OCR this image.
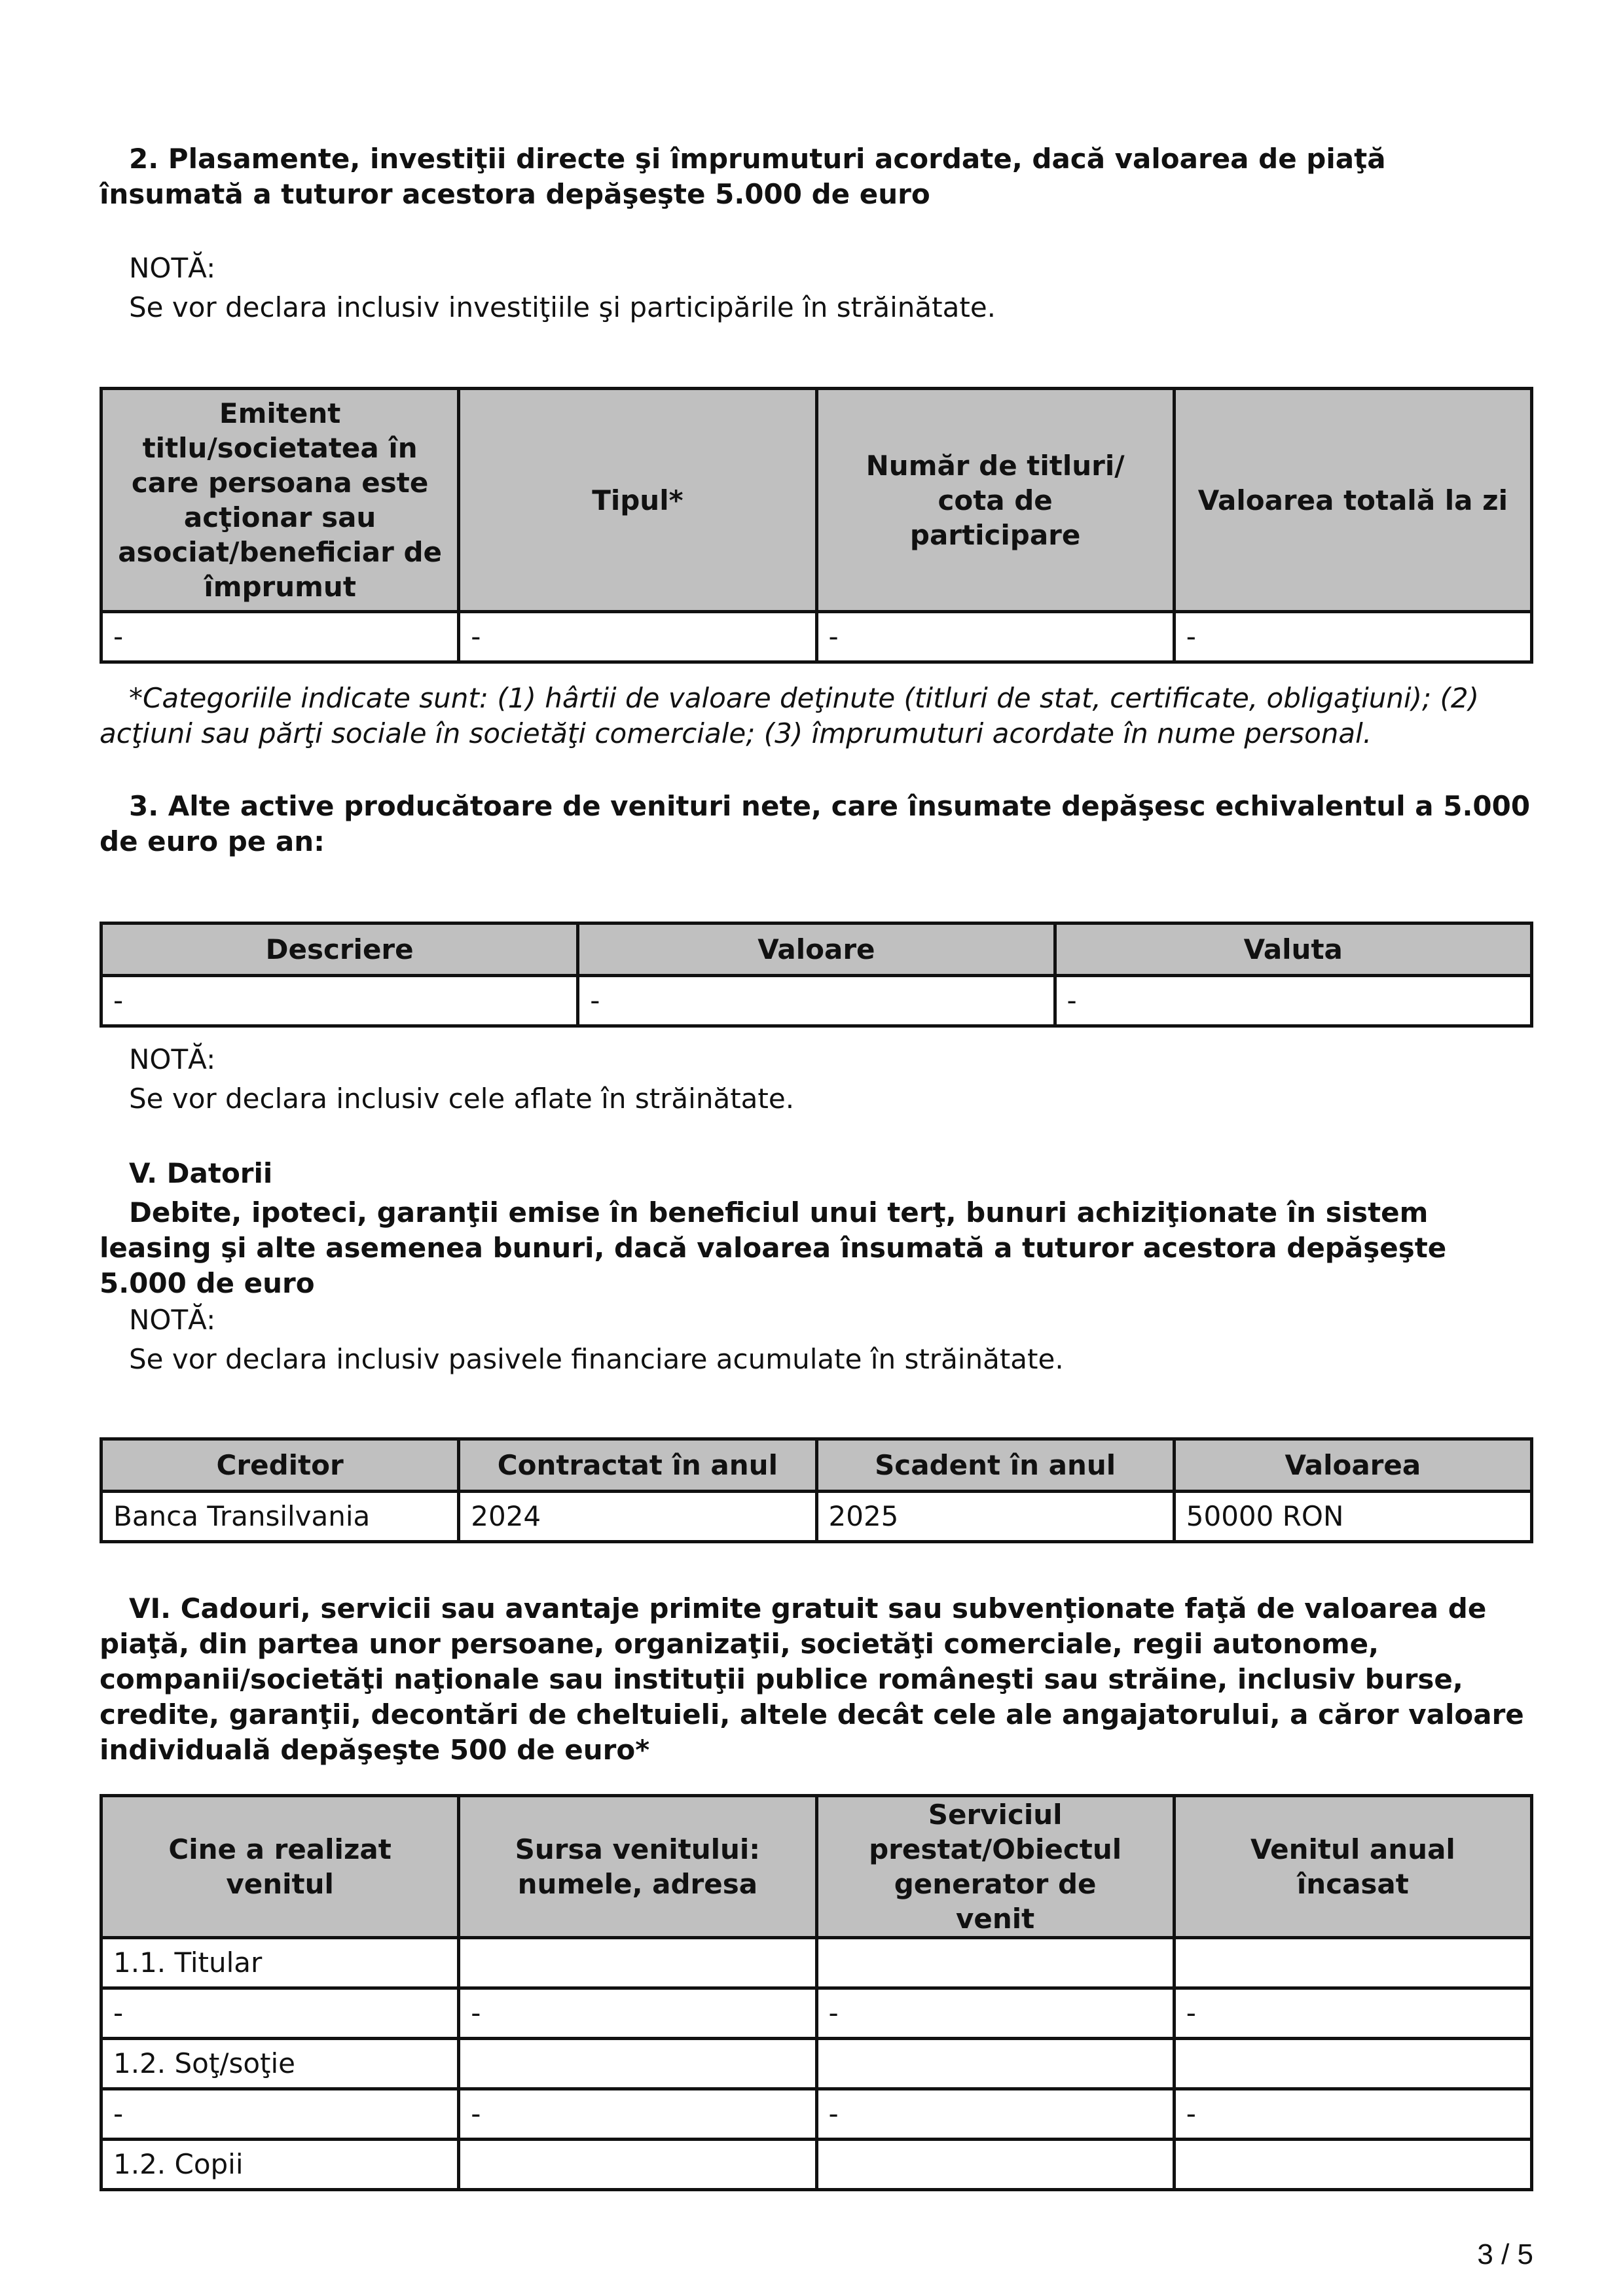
2. Plasamente, investiţii directe şi împrumuturi acordate, dacă valoarea de piaţă însumată a tuturor acestora depăşeşte 5.000 de euro

NOTĂ:

Se vor declara inclusiv investiţiile şi participările în străinătate.

Emitent titlu/societatea în care persoana este acţionar sau asociat/beneficiar de împrumut	Tipul*	Număr de titluri/ cota de participare	Valoarea totală la zi
-	-	-	-

*Categoriile indicate sunt: (1) hârtii de valoare deţinute (titluri de stat, certificate, obligaţiuni); (2) acţiuni sau părţi sociale în societăţi comerciale; (3) împrumuturi acordate în nume personal.

3. Alte active producătoare de venituri nete, care însumate depăşesc echivalentul a 5.000 de euro pe an:

Descriere	Valoare	Valuta
-	-	-

NOTĂ:

Se vor declara inclusiv cele aflate în străinătate.

V. Datorii

Debite, ipoteci, garanţii emise în beneficiul unui terţ, bunuri achiziţionate în sistem leasing şi alte asemenea bunuri, dacă valoarea însumată a tuturor acestora depăşeşte 5.000 de euro

NOTĂ:

Se vor declara inclusiv pasivele financiare acumulate în străinătate.

Creditor	Contractat în anul	Scadent în anul	Valoarea
Banca Transilvania	2024	2025	50000 RON

VI. Cadouri, servicii sau avantaje primite gratuit sau subvenţionate faţă de valoarea de piaţă, din partea unor persoane, organizaţii, societăţi comerciale, regii autonome, companii/societăţi naţionale sau instituţii publice româneşti sau străine, inclusiv burse, credite, garanţii, decontări de cheltuieli, altele decât cele ale angajatorului, a căror valoare individuală depăşeşte 500 de euro*

Cine a realizat venitul	Sursa venitului: numele, adresa	Serviciul prestat/Obiectul generator de venit	Venitul anual încasat
1.1. Titular			
-	-	-	-
1.2. Soţ/soţie			
-	-	-	-
1.2. Copii			
3 / 5
